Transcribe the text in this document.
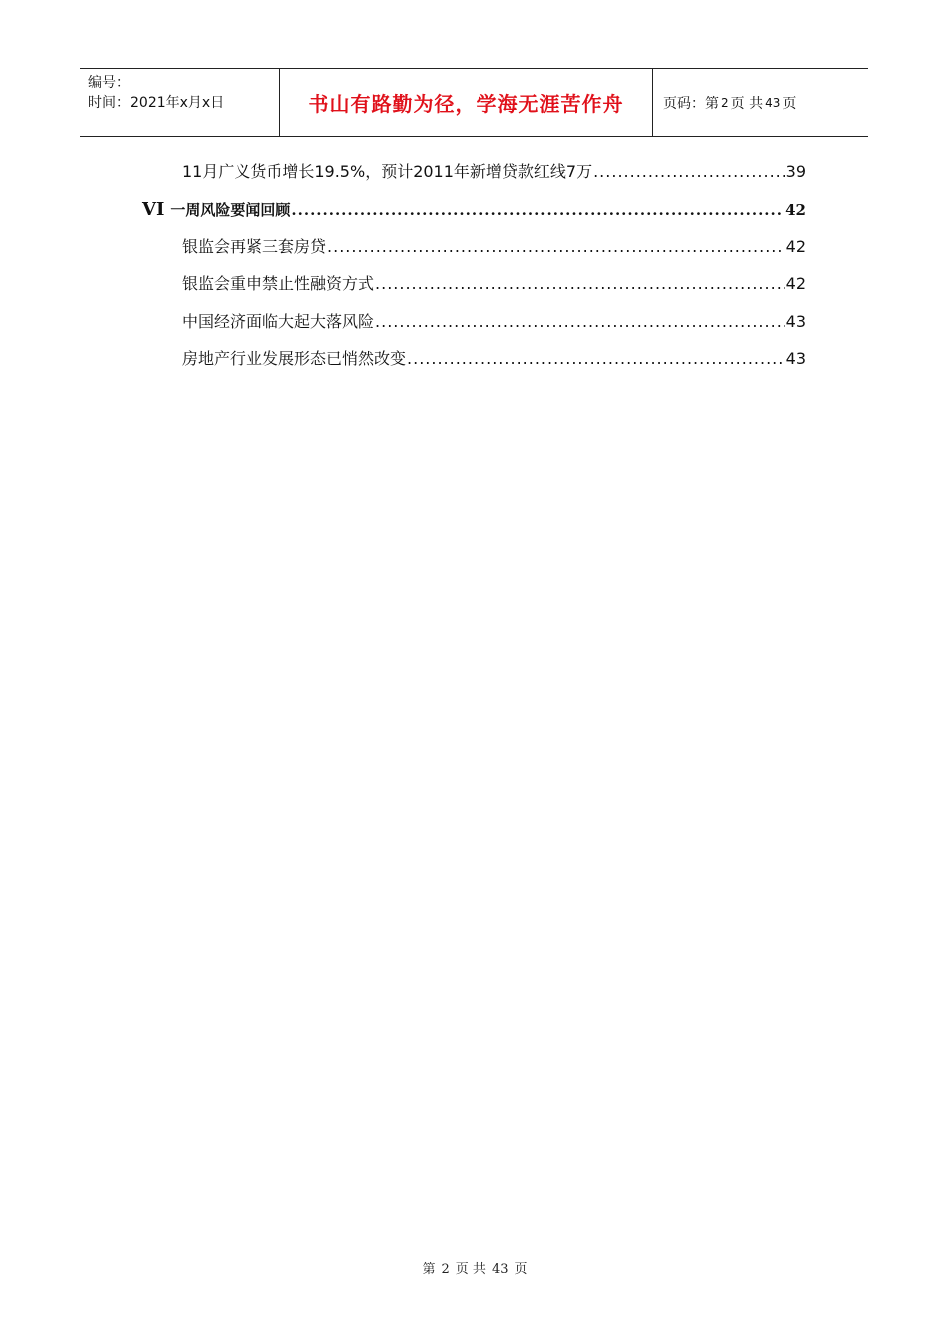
编号：
时间：2021年x月x日	书山有路勤为径，学海无涯苦作舟	页码：第 2 页 共 43 页
11月广义货币增长19.5%，预计2011年新增贷款红线7万 .....	39
VI 一周风险要闻回顾 .....	42
银监会再紧三套房贷 .....	42
银监会重申禁止性融资方式 .....	42
中国经济面临大起大落风险 .....	43
房地产行业发展形态已悄然改变 .....	43
第 2 页 共 43 页
